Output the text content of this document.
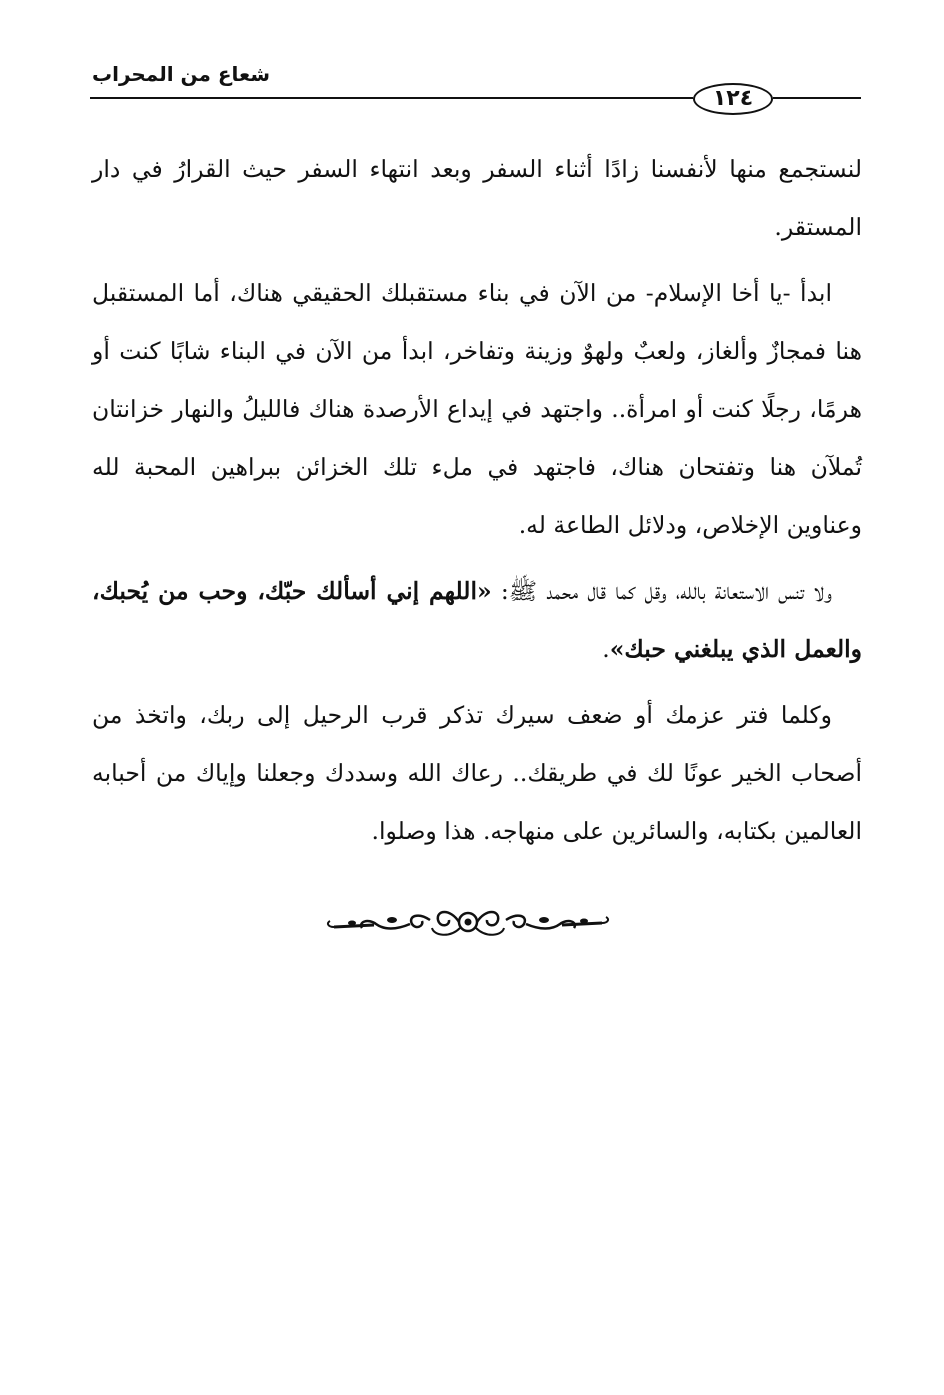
شعاع من المحراب
١٢٤

لنستجمع منها لأنفسنا زادًا أثناء السفر وبعد انتهاء السفر حيث القرارُ في دار المستقر.

ابدأ -يا أخا الإسلام- من الآن في بناء مستقبلك الحقيقي هناك، أما المستقبل هنا فمجازٌ وألغاز، ولعبٌ ولهوٌ وزينة وتفاخر، ابدأ من الآن في البناء شابًا كنت أو هرمًا، رجلًا كنت أو امرأة.. واجتهد في إيداع الأرصدة هناك فالليلُ والنهار خزانتان تُملآن هنا وتفتحان هناك، فاجتهد في ملء تلك الخزائن ببراهين المحبة لله وعناوين الإخلاص، ودلائل الطاعة له.

ولا تنس الاستعانة بالله، وقل كما قال محمد ﷺ: «اللهم إني أسألك حبّك، وحب من يُحبك، والعمل الذي يبلغني حبك».

وكلما فتر عزمك أو ضعف سيرك تذكر قرب الرحيل إلى ربك، واتخذ من أصحاب الخير عونًا لك في طريقك.. رعاك الله وسددك وجعلنا وإياك من أحبابه العالمين بكتابه، والسائرين على منهاجه. هذا وصلوا.
